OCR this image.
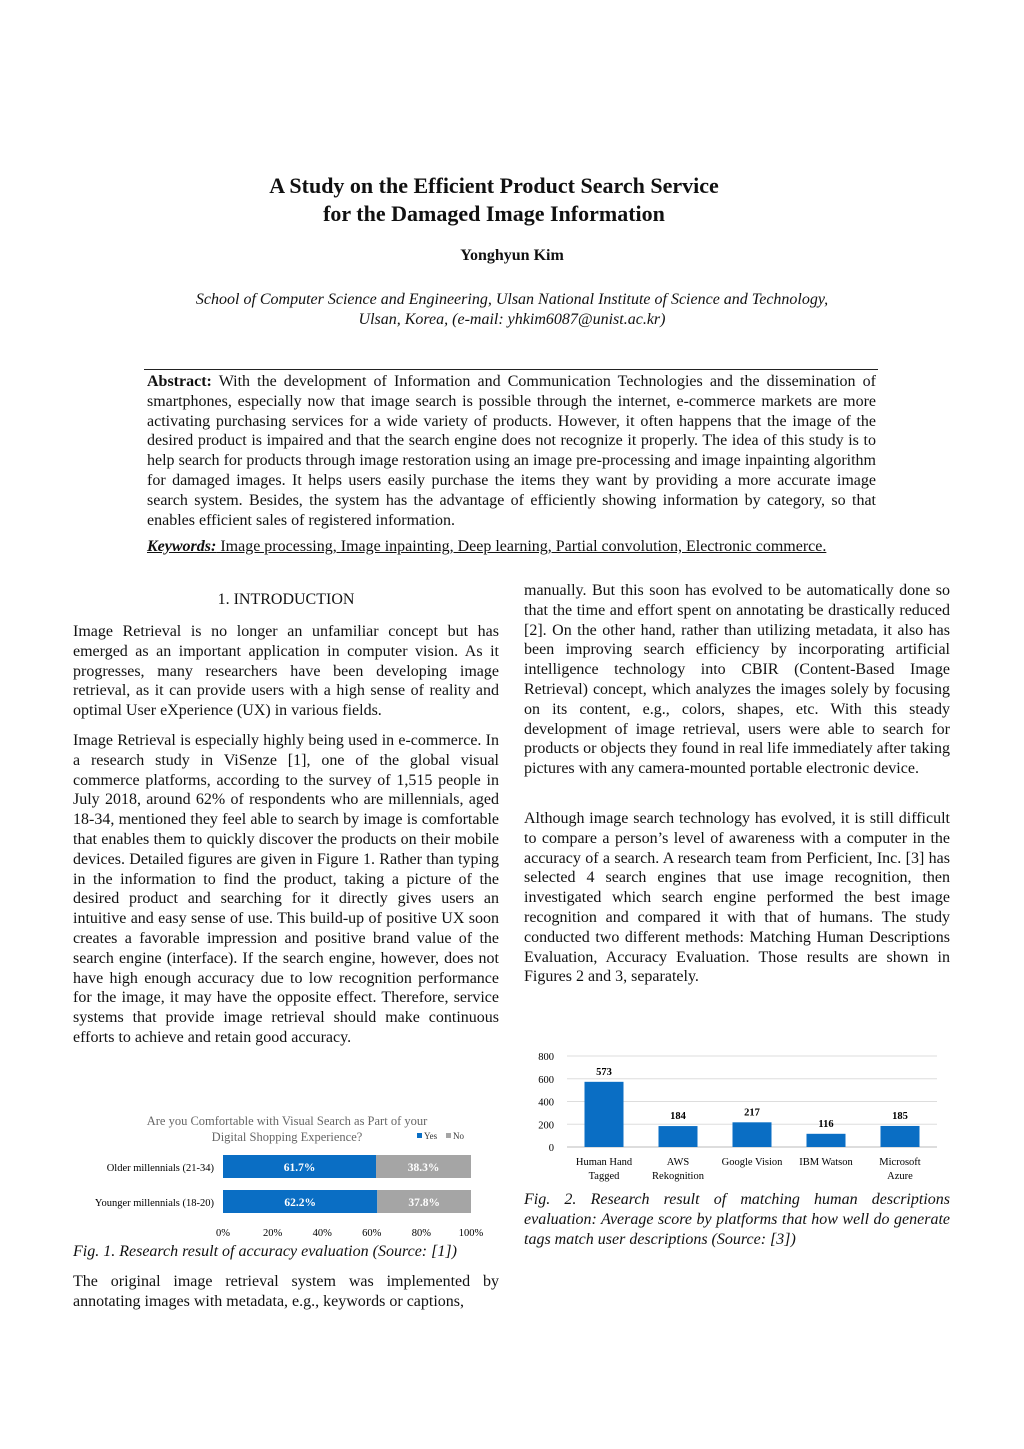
A Study on the Efficient Product Search Service
for the Damaged Image Information
Yonghyun Kim
School of Computer Science and Engineering, Ulsan National Institute of Science and Technology,
Ulsan, Korea, (e-mail: yhkim6087@unist.ac.kr)

Abstract: With the development of Information and Communication Technologies and the dissemination of smartphones, especially now that image search is possible through the internet, e-commerce markets are more activating purchasing services for a wide variety of products. However, it often happens that the image of the desired product is impaired and that the search engine does not recognize it properly. The idea of this study is to help search for products through image restoration using an image pre-processing and image inpainting algorithm for damaged images. It helps users easily purchase the items they want by providing a more accurate image search system. Besides, the system has the advantage of efficiently showing information by category, so that enables efficient sales of registered information.

Keywords: Image processing, Image inpainting, Deep learning, Partial convolution, Electronic commerce.

1. INTRODUCTION

Image Retrieval is no longer an unfamiliar concept but has emerged as an important application in computer vision. As it progresses, many researchers have been developing image retrieval, as it can provide users with a high sense of reality and optimal User eXperience (UX) in various fields.

Image Retrieval is especially highly being used in e-commerce. In a research study in ViSenze [1], one of the global visual commerce platforms, according to the survey of 1,515 people in July 2018, around 62% of respondents who are millennials, aged 18-34, mentioned they feel able to search by image is comfortable that enables them to quickly discover the products on their mobile devices. Detailed figures are given in Figure 1. Rather than typing in the information to find the product, taking a picture of the desired product and searching for it directly gives users an intuitive and easy sense of use. This build-up of positive UX soon creates a favorable impression and positive brand value of the search engine (interface). If the search engine, however, does not have high enough accuracy due to low recognition performance for the image, it may have the opposite effect. Therefore, service systems that provide image retrieval should make continuous efforts to achieve and retain good accuracy.

Are you Comfortable with Visual Search as Part of your
Digital Shopping Experience?	Yes No
Older millennials (21-34)	61.7%	38.3%
Younger millennials (18-20)	62.2%	37.8%
0%	20%	40%	60%	80%	100%
Fig. 1. Research result of accuracy evaluation (Source: [1])

The original image retrieval system was implemented by annotating images with metadata, e.g., keywords or captions,

manually. But this soon has evolved to be automatically done so that the time and effort spent on annotating be drastically reduced [2]. On the other hand, rather than utilizing metadata, it also has been improving search efficiency by incorporating artificial intelligence technology into CBIR (Content-Based Image Retrieval) concept, which analyzes the images solely by focusing on its content, e.g., colors, shapes, etc. With this steady development of image retrieval, users were able to search for products or objects they found in real life immediately after taking pictures with any camera-mounted portable electronic device.

Although image search technology has evolved, it is still difficult to compare a person’s level of awareness with a computer in the accuracy of a search. A research team from Perficient, Inc. [3] has selected 4 search engines that use image recognition, then investigated which search engine performed the best image recognition and compared it with that of humans. The study conducted two different methods: Matching Human Descriptions Evaluation, Accuracy Evaluation. Those results are shown in Figures 2 and 3, separately.

0
200
400
600
800
573
Human Hand
Tagged
184
AWS
Rekognition
217
Google Vision
116
IBM Watson
185
Microsoft
Azure
Fig. 2. Research result of matching human descriptions evaluation: Average score by platforms that how well do generate tags match user descriptions (Source: [3])
